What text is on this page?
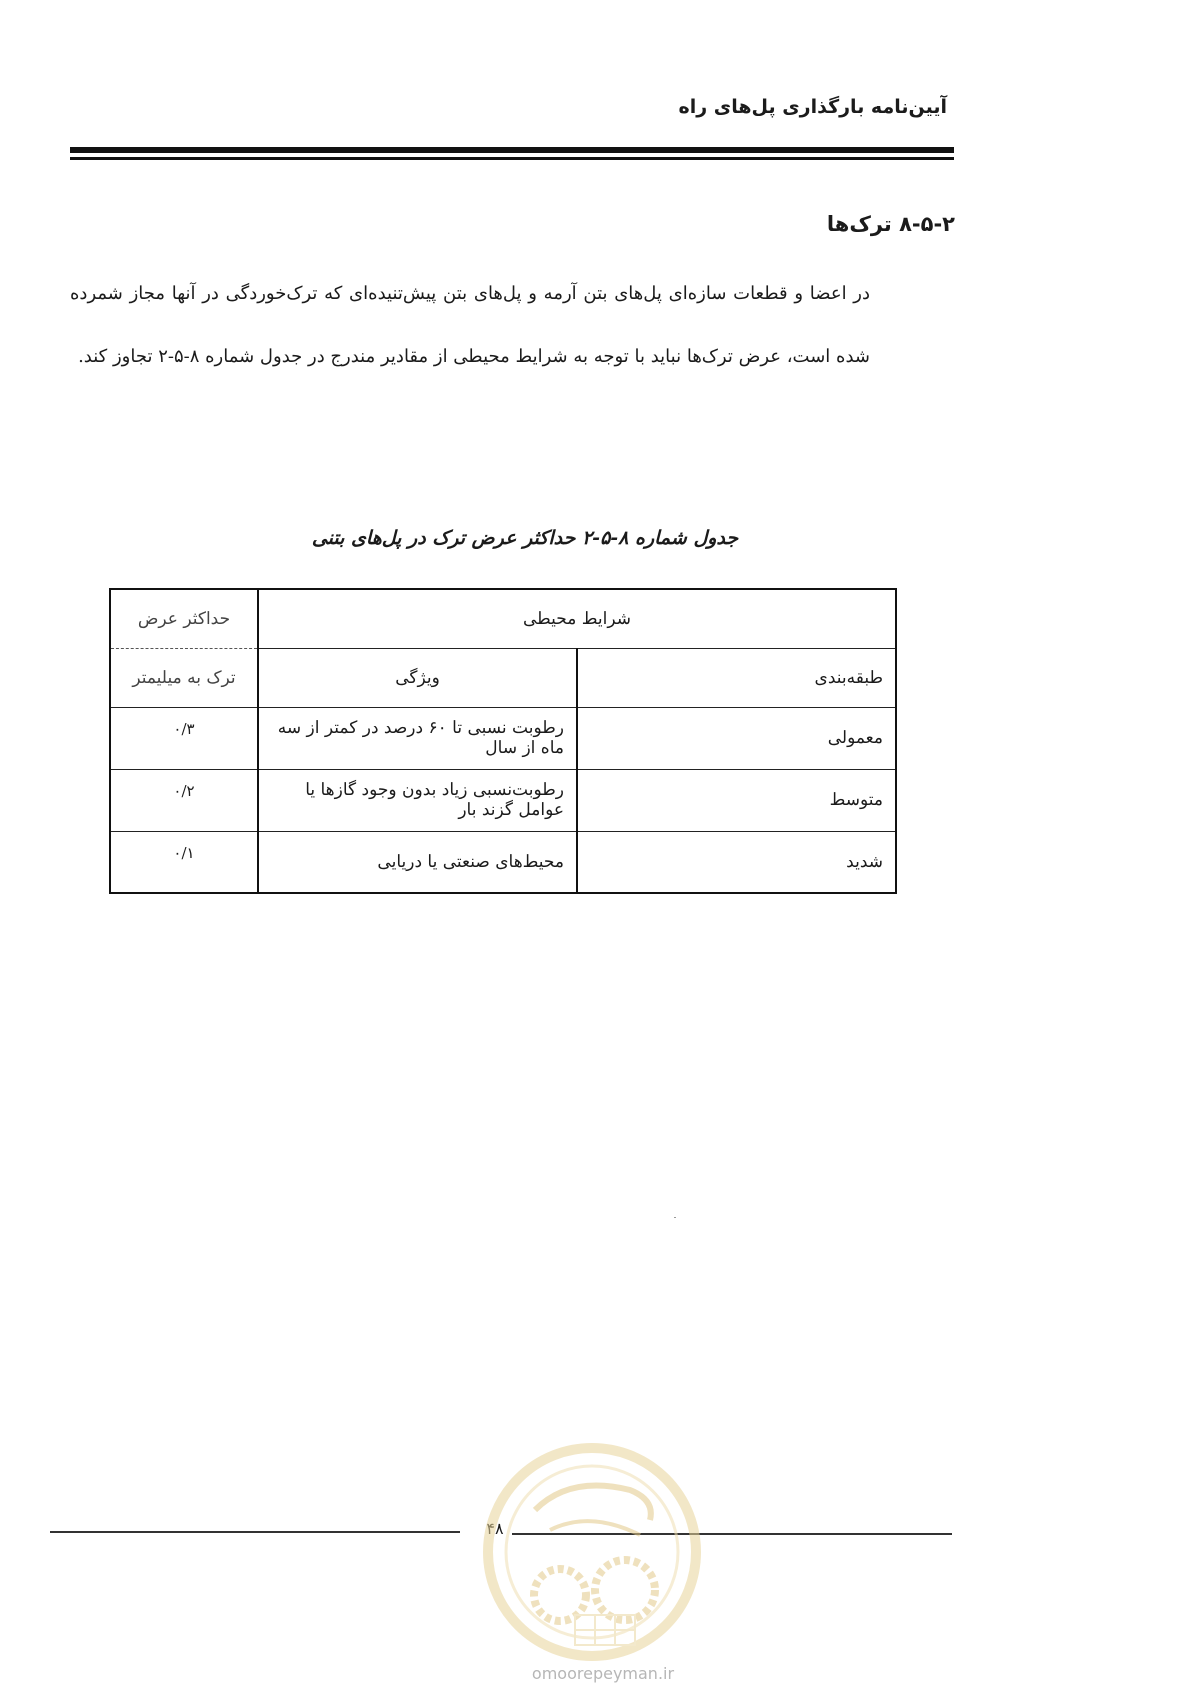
آیین‌نامه بارگذاری پل‌های راه
۸-۵-۲ ترک‌ها

در اعضا و قطعات سازه‌ای پل‌های بتن آرمه و پل‌های بتن پیش‌تنیده‌ای که ترک‌خوردگی در آنها مجاز شمرده شده است، عرض ترک‌ها نباید با توجه به شرایط محیطی از مقادیر مندرج در جدول شماره ۸-۵-۲ تجاوز کند.

جدول شماره ۸-۵-۲ حداکثر عرض ترک در پل‌های بتنی
شرایط محیطی		حداکثر عرض
طبقه‌بندی	ویژگی	ترک به میلیمتر
معمولی	رطوبت نسبی تا ۶۰ درصد در کمتر از سه ماه از سال	۰/۳
متوسط	رطوبت‌نسبی زیاد بدون وجود گازها یا عوامل گزند بار	۰/۲
شدید	محیط‌های صنعتی یا دریایی	۰/۱
۴۸
omoorepeyman.ir
